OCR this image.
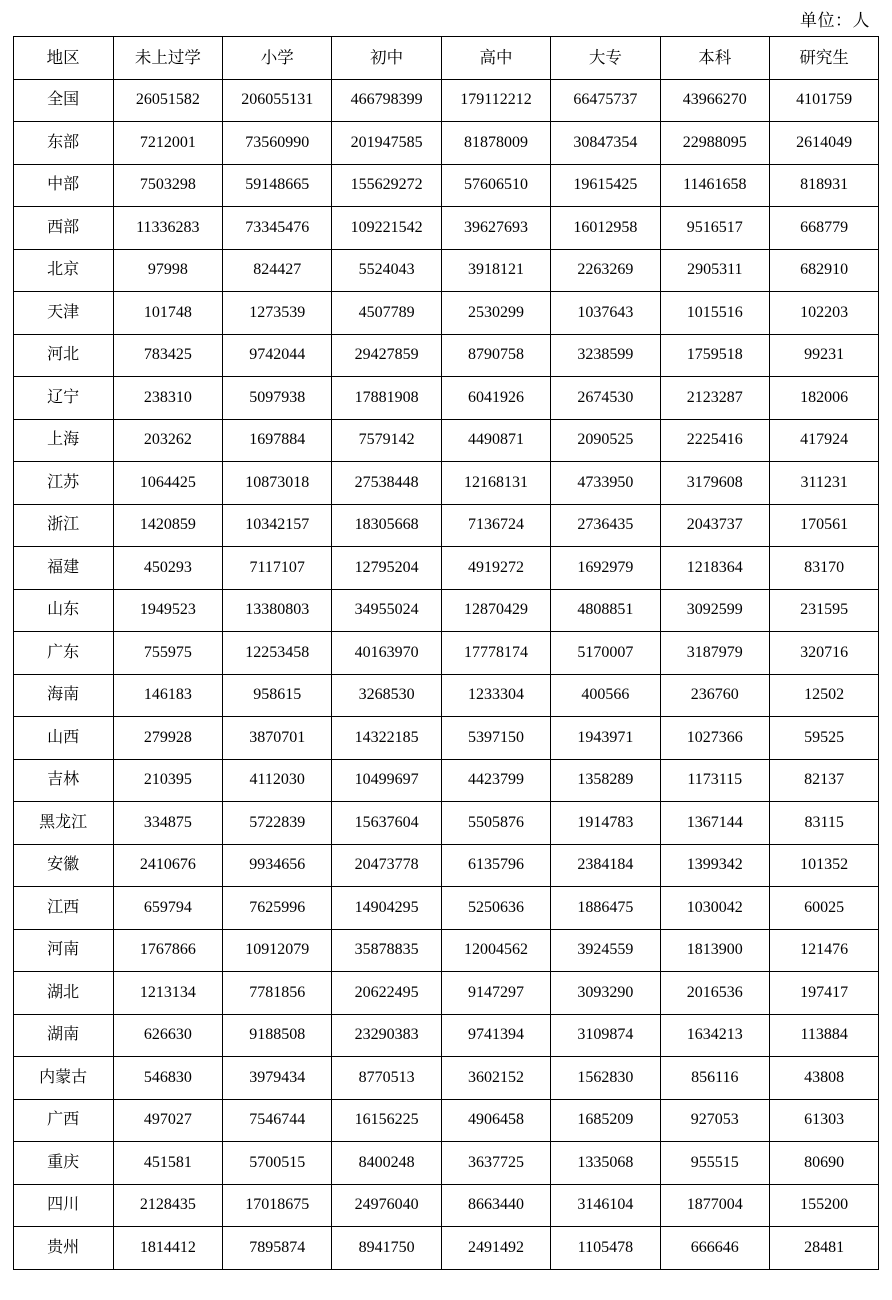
单位：人
地区	未上过学	小学	初中	高中	大专	本科	研究生
全国	26051582	206055131	466798399	179112212	66475737	43966270	4101759
东部	7212001	73560990	201947585	81878009	30847354	22988095	2614049
中部	7503298	59148665	155629272	57606510	19615425	11461658	818931
西部	11336283	73345476	109221542	39627693	16012958	9516517	668779
北京	97998	824427	5524043	3918121	2263269	2905311	682910
天津	101748	1273539	4507789	2530299	1037643	1015516	102203
河北	783425	9742044	29427859	8790758	3238599	1759518	99231
辽宁	238310	5097938	17881908	6041926	2674530	2123287	182006
上海	203262	1697884	7579142	4490871	2090525	2225416	417924
江苏	1064425	10873018	27538448	12168131	4733950	3179608	311231
浙江	1420859	10342157	18305668	7136724	2736435	2043737	170561
福建	450293	7117107	12795204	4919272	1692979	1218364	83170
山东	1949523	13380803	34955024	12870429	4808851	3092599	231595
广东	755975	12253458	40163970	17778174	5170007	3187979	320716
海南	146183	958615	3268530	1233304	400566	236760	12502
山西	279928	3870701	14322185	5397150	1943971	1027366	59525
吉林	210395	4112030	10499697	4423799	1358289	1173115	82137
黑龙江	334875	5722839	15637604	5505876	1914783	1367144	83115
安徽	2410676	9934656	20473778	6135796	2384184	1399342	101352
江西	659794	7625996	14904295	5250636	1886475	1030042	60025
河南	1767866	10912079	35878835	12004562	3924559	1813900	121476
湖北	1213134	7781856	20622495	9147297	3093290	2016536	197417
湖南	626630	9188508	23290383	9741394	3109874	1634213	113884
内蒙古	546830	3979434	8770513	3602152	1562830	856116	43808
广西	497027	7546744	16156225	4906458	1685209	927053	61303
重庆	451581	5700515	8400248	3637725	1335068	955515	80690
四川	2128435	17018675	24976040	8663440	3146104	1877004	155200
贵州	1814412	7895874	8941750	2491492	1105478	666646	28481
